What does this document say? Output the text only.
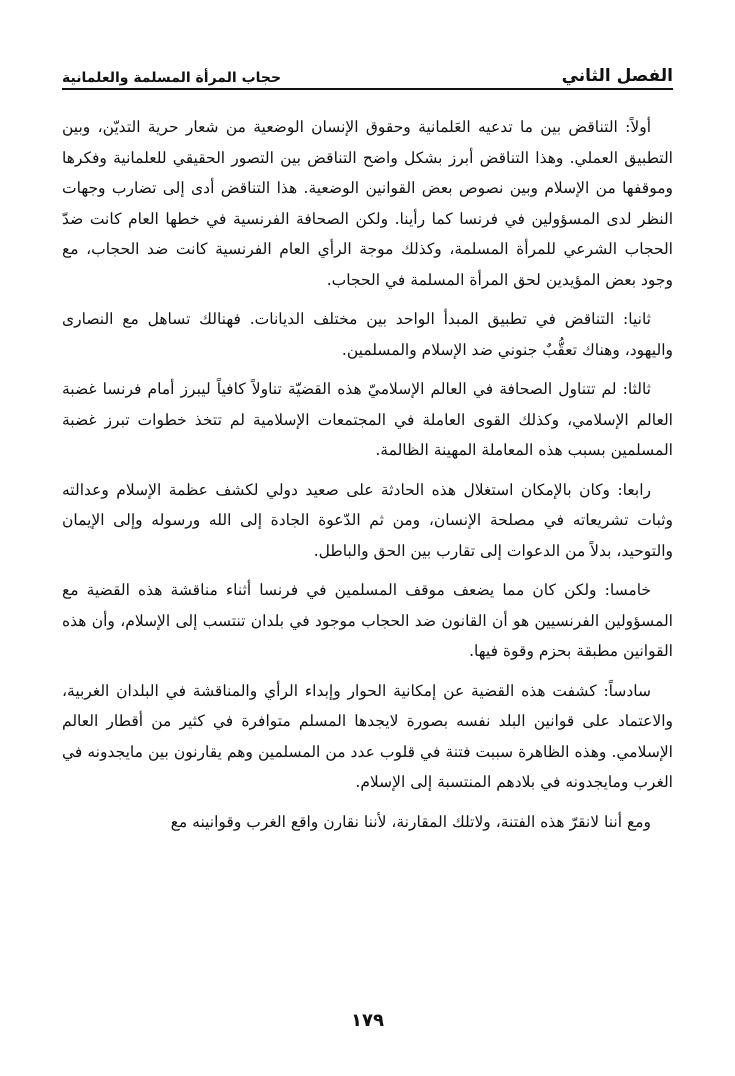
الفصل الثاني
حجاب المرأة المسلمة والعلمانية

أولاً: التناقض بين ما تدعيه العَلمانية وحقوق الإنسان الوضعية من شعار حرية التديّن، وبين التطبيق العملي. وهذا التناقض أبرز بشكل واضح التناقض بين التصور الحقيقي للعلمانية وفكرها وموقفها من الإسلام وبين نصوص بعض القوانين الوضعية. هذا التناقض أدى إلى تضارب وجهات النظر لدى المسؤولين في فرنسا كما رأينا. ولكن الصحافة الفرنسية في خطها العام كانت ضدّ الحجاب الشرعي للمرأة المسلمة، وكذلك موجة الرأي العام الفرنسية كانت ضد الحجاب، مع وجود بعض المؤيدين لحق المرأة المسلمة في الحجاب.

ثانيا: التناقض في تطبيق المبدأ الواحد بين مختلف الديانات. فهنالك تساهل مع النصارى واليهود، وهناك تعقُّبٌ جنوني ضد الإسلام والمسلمين.

ثالثا: لم تتناول الصحافة في العالم الإسلاميّ هذه القضيّة تناولاً كافياً ليبرز أمام فرنسا غضبة العالم الإسلامي، وكذلك القوى العاملة في المجتمعات الإسلامية لم تتخذ خطوات تبرز غضبة المسلمين بسبب هذه المعاملة المهينة الظالمة.

رابعا: وكان بالإمكان استغلال هذه الحادثة على صعيد دولي لكشف عظمة الإسلام وعدالته وثبات تشريعاته في مصلحة الإنسان، ومن ثم الدّعوة الجادة إلى الله ورسوله وإلى الإيمان والتوحيد، بدلاً من الدعوات إلى تقارب بين الحق والباطل.

خامسا: ولكن كان مما يضعف موقف المسلمين في فرنسا أثناء مناقشة هذه القضية مع المسؤولين الفرنسيين هو أن القانون ضد الحجاب موجود في بلدان تنتسب إلى الإسلام، وأن هذه القوانين مطبقة بحزم وقوة فيها.

سادساً: كشفت هذه القضية عن إمكانية الحوار وإبداء الرأي والمناقشة في البلدان الغربية، والاعتماد على قوانين البلد نفسه بصورة لايجدها المسلم متوافرة في كثير من أقطار العالم الإسلامي. وهذه الظاهرة سببت فتنة في قلوب عدد من المسلمين وهم يقارنون بين مايجدونه في الغرب ومايجدونه في بلادهم المنتسبة إلى الإسلام.

ومع أننا لانقرّ هذه الفتنة، ولاتلك المقارنة، لأننا نقارن واقع الغرب وقوانينه مع

١٧٩
